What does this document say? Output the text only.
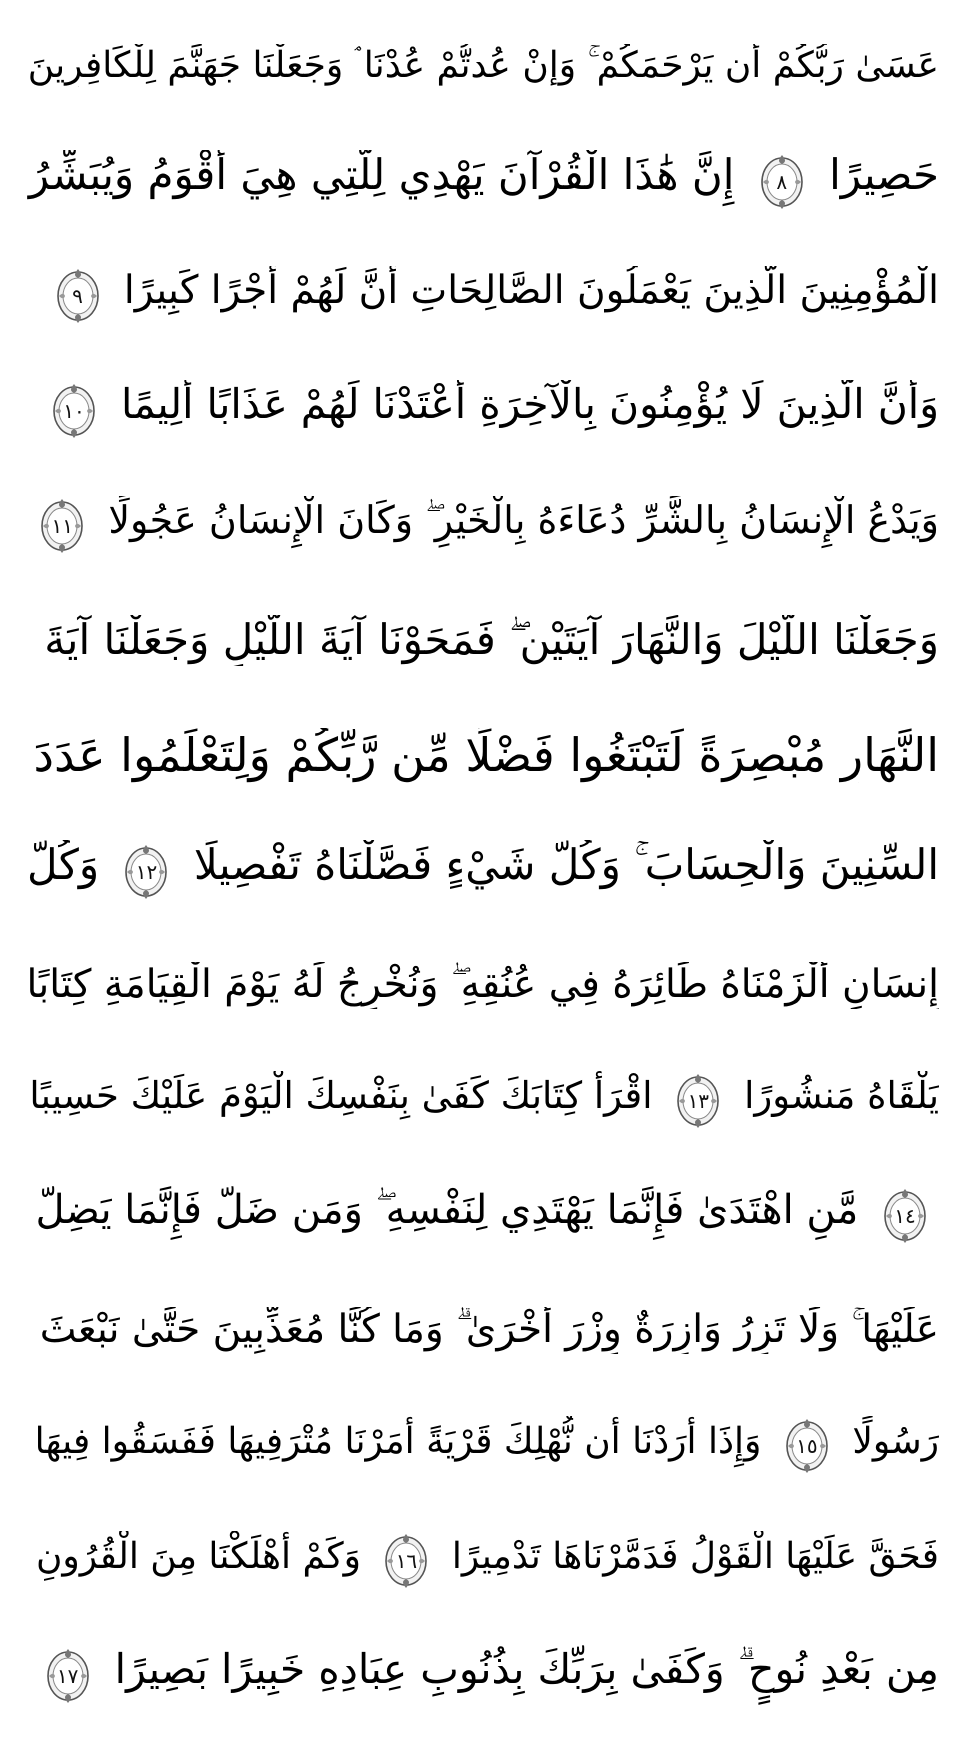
عَسَىٰ رَبُّكُمْ أَن يَرْحَمَكُمْ ۚ وَإِنْ عُدتُّمْ عُدْنَا ۘ وَجَعَلْنَا جَهَنَّمَ لِلْكَافِرِينَ
حَصِيرًا
٨
إِنَّ هَٰذَا الْقُرْآنَ يَهْدِي لِلَّتِي هِيَ أَقْوَمُ وَيُبَشِّرُ
الْمُؤْمِنِينَ الَّذِينَ يَعْمَلُونَ الصَّالِحَاتِ أَنَّ لَهُمْ أَجْرًا كَبِيرًا
٩
وَأَنَّ الَّذِينَ لَا يُؤْمِنُونَ بِالْآخِرَةِ أَعْتَدْنَا لَهُمْ عَذَابًا أَلِيمًا
١٠
وَيَدْعُ الْإِنسَانُ بِالشَّرِّ دُعَاءَهُ بِالْخَيْرِ ۖ وَكَانَ الْإِنسَانُ عَجُولًا
١١
وَجَعَلْنَا اللَّيْلَ وَالنَّهَارَ آيَتَيْنِ ۖ فَمَحَوْنَا آيَةَ اللَّيْلِ وَجَعَلْنَا آيَةَ
النَّهَارِ مُبْصِرَةً لِّتَبْتَغُوا فَضْلًا مِّن رَّبِّكُمْ وَلِتَعْلَمُوا عَدَدَ
السِّنِينَ وَالْحِسَابَ ۚ وَكُلَّ شَيْءٍ فَصَّلْنَاهُ تَفْصِيلًا
١٢
وَكُلَّ
إِنسَانٍ أَلْزَمْنَاهُ طَائِرَهُ فِي عُنُقِهِ ۖ وَنُخْرِجُ لَهُ يَوْمَ الْقِيَامَةِ كِتَابًا
يَلْقَاهُ مَنشُورًا
١٣
اقْرَأْ كِتَابَكَ كَفَىٰ بِنَفْسِكَ الْيَوْمَ عَلَيْكَ حَسِيبًا
١٤
مَّنِ اهْتَدَىٰ فَإِنَّمَا يَهْتَدِي لِنَفْسِهِ ۖ وَمَن ضَلَّ فَإِنَّمَا يَضِلُّ
عَلَيْهَا ۚ وَلَا تَزِرُ وَازِرَةٌ وِزْرَ أُخْرَىٰ ۗ وَمَا كُنَّا مُعَذِّبِينَ حَتَّىٰ نَبْعَثَ
رَسُولًا
١٥
وَإِذَا أَرَدْنَا أَن نُّهْلِكَ قَرْيَةً أَمَرْنَا مُتْرَفِيهَا فَفَسَقُوا فِيهَا
فَحَقَّ عَلَيْهَا الْقَوْلُ فَدَمَّرْنَاهَا تَدْمِيرًا
١٦
وَكَمْ أَهْلَكْنَا مِنَ الْقُرُونِ
مِن بَعْدِ نُوحٍ ۗ وَكَفَىٰ بِرَبِّكَ بِذُنُوبِ عِبَادِهِ خَبِيرًا بَصِيرًا
١٧
